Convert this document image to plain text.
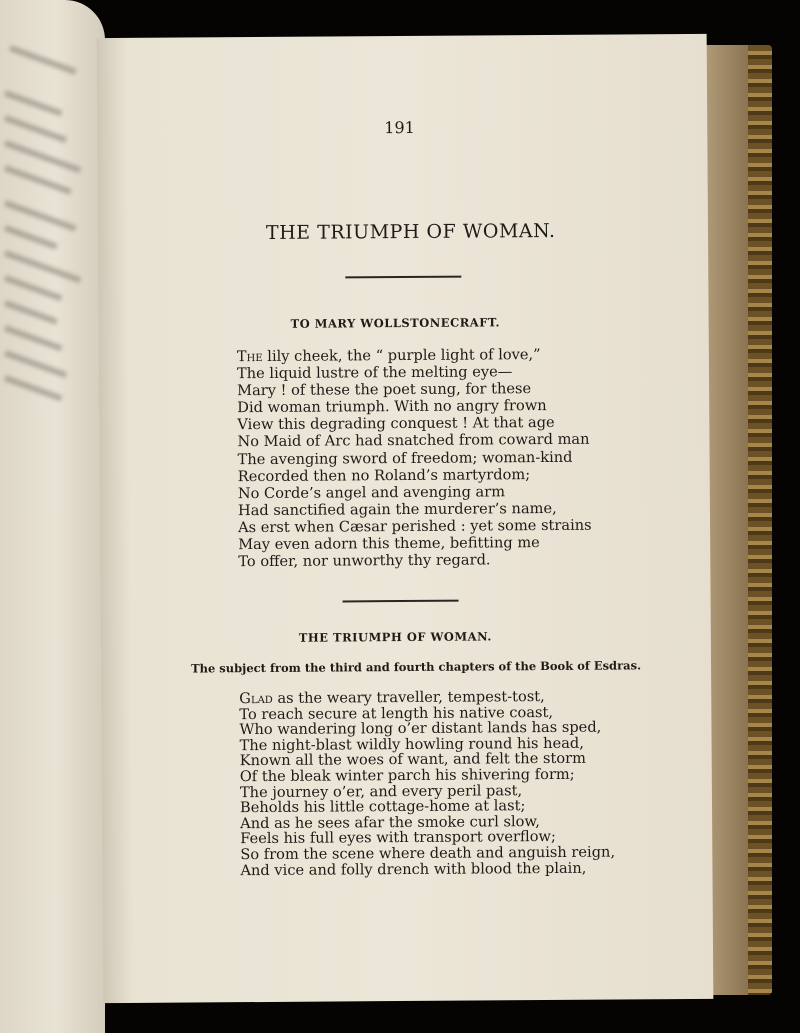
191
THE TRIUMPH OF WOMAN.
TO MARY WOLLSTONECRAFT.
The lily cheek, the “ purple light of love,”
The liquid lustre of the melting eye—
Mary ! of these the poet sung, for these
Did woman triumph. With no angry frown
View this degrading conquest ! At that age
No Maid of Arc had snatched from coward man
The avenging sword of freedom; woman-kind
Recorded then no Roland’s martyrdom;
No Corde’s angel and avenging arm
Had sanctified again the murderer’s name,
As erst when Cæsar perished : yet some strains
May even adorn this theme, befitting me
To offer, nor unworthy thy regard.
THE TRIUMPH OF WOMAN.
The subject from the third and fourth chapters of the Book of Esdras.
Glad as the weary traveller, tempest-tost,
To reach secure at length his native coast,
Who wandering long o’er distant lands has sped,
The night-blast wildly howling round his head,
Known all the woes of want, and felt the storm
Of the bleak winter parch his shivering form;
The journey o’er, and every peril past,
Beholds his little cottage-home at last;
And as he sees afar the smoke curl slow,
Feels his full eyes with transport overflow;
So from the scene where death and anguish reign,
And vice and folly drench with blood the plain,
